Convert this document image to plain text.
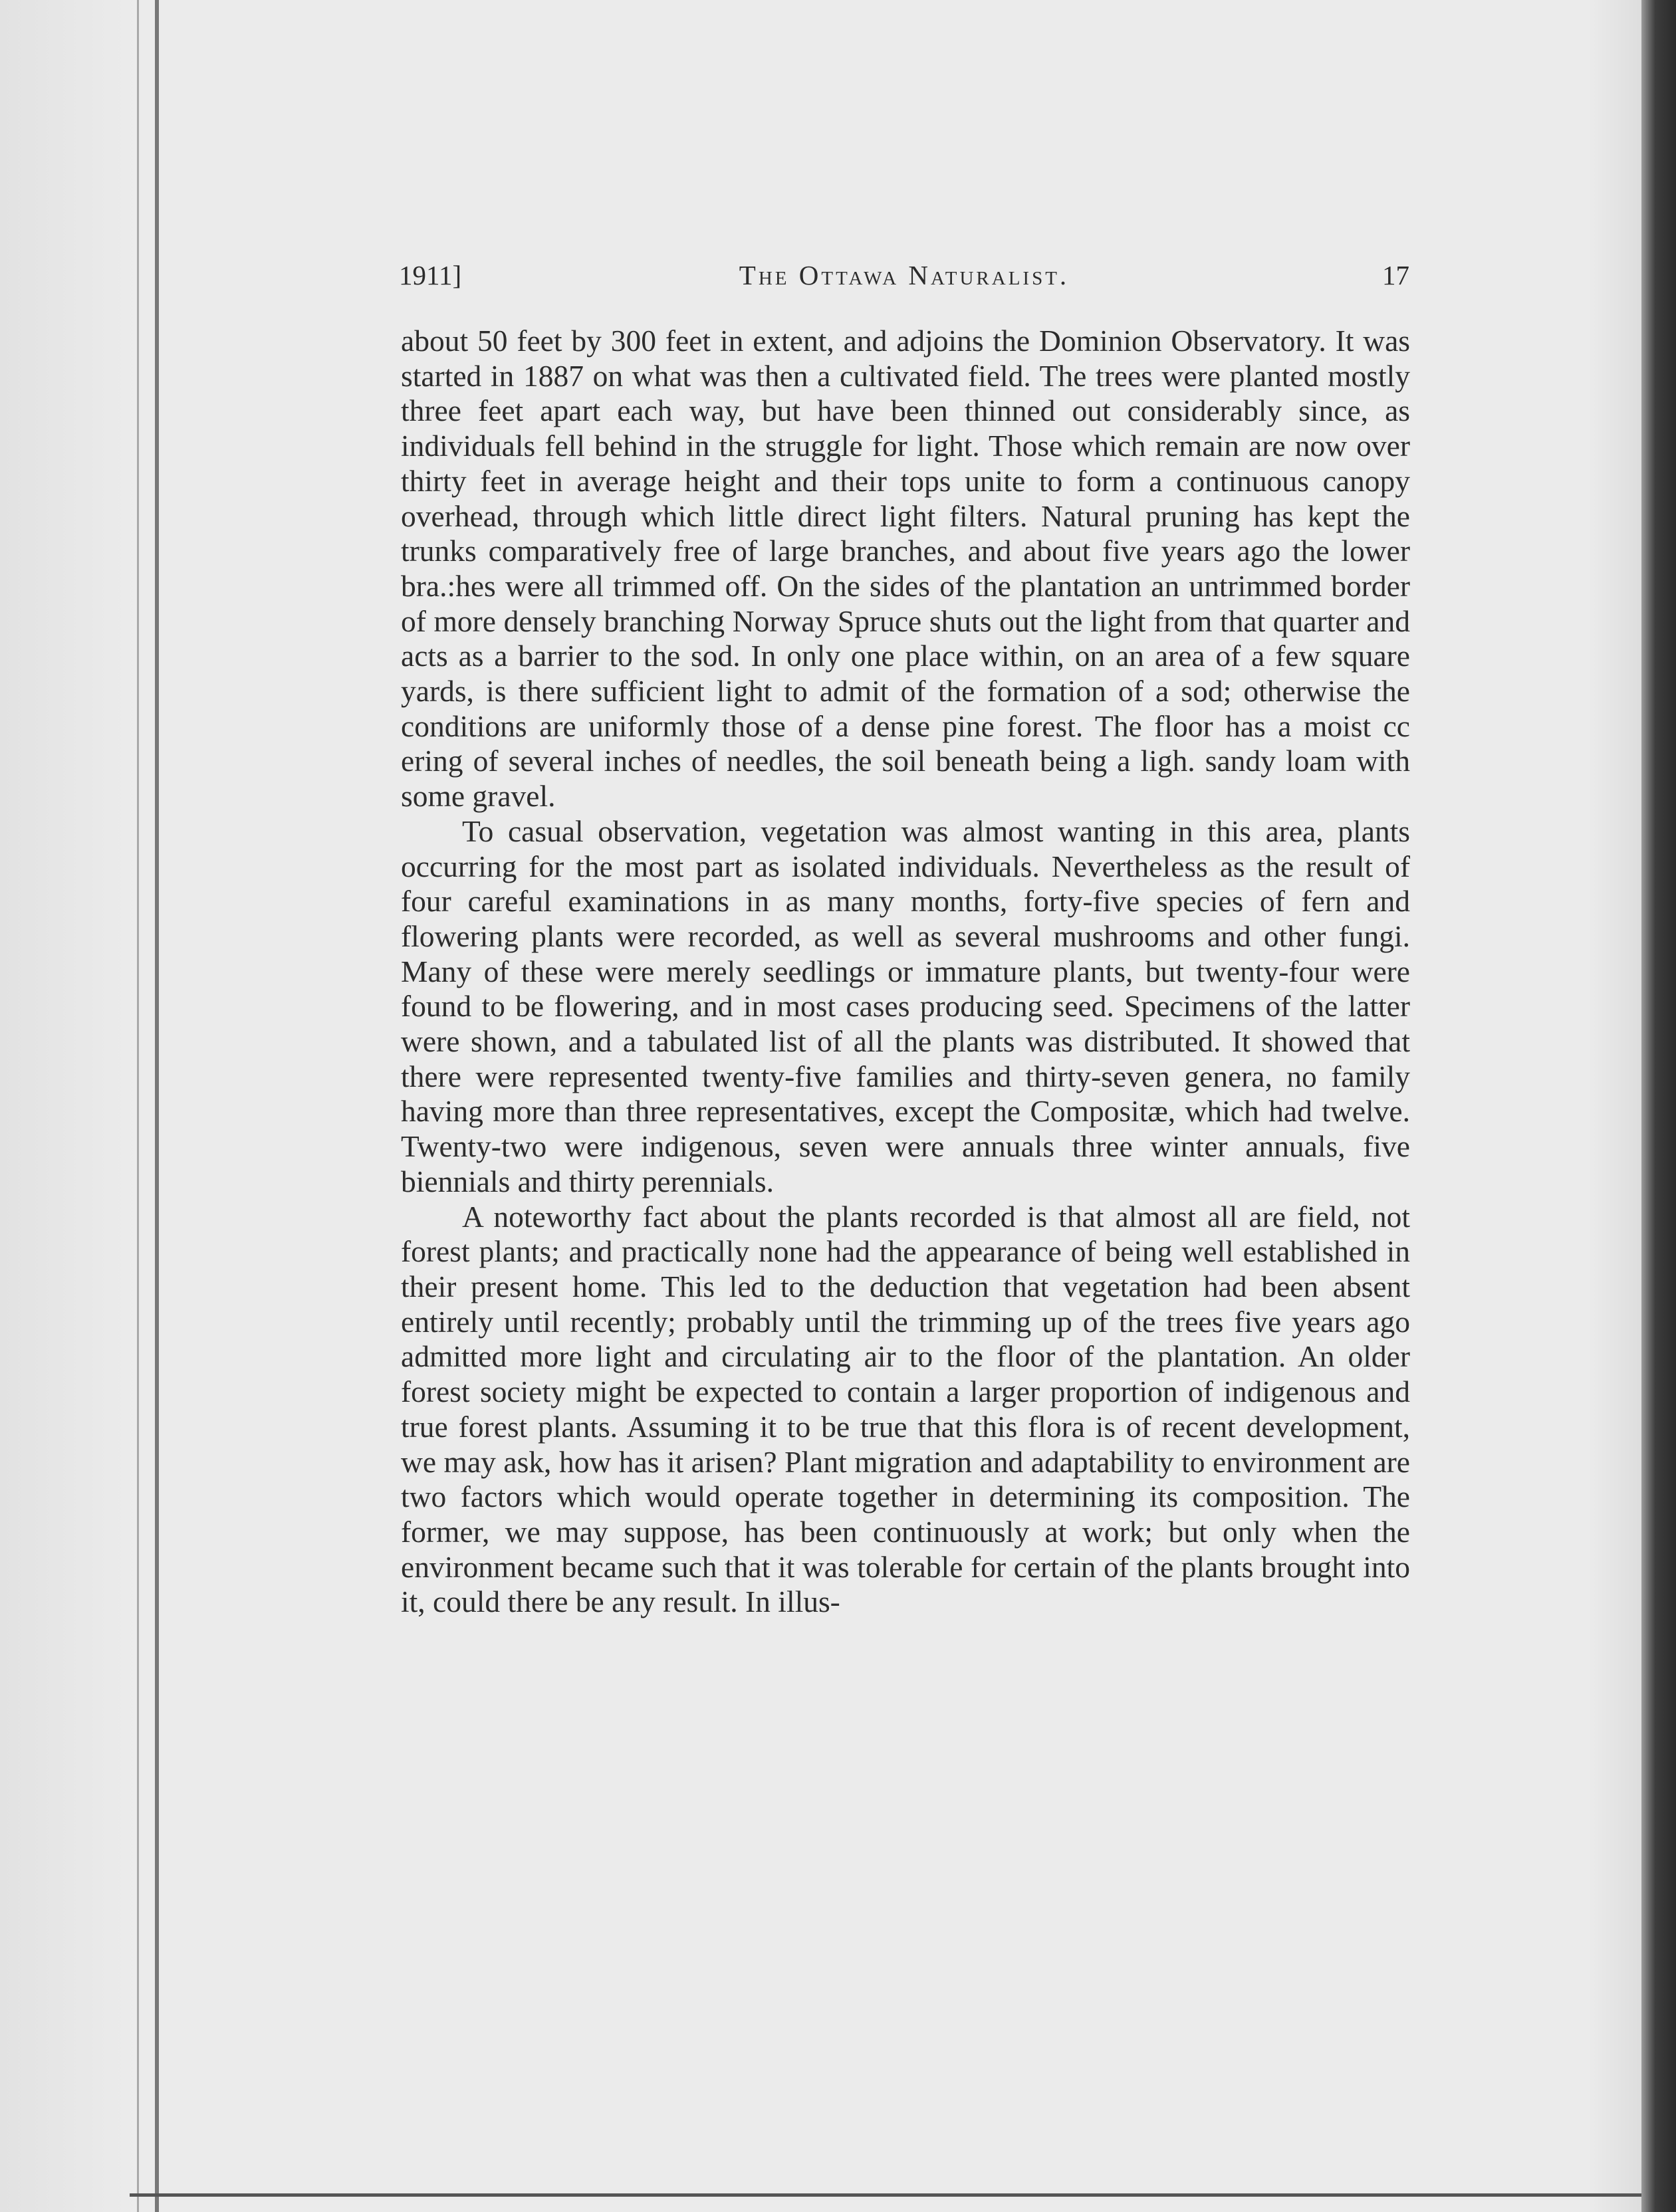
1911]	The Ottawa Naturalist.	17

about 50 feet by 300 feet in extent, and adjoins the Dominion Observatory. It was started in 1887 on what was then a cultivated field. The trees were planted mostly three feet apart each way, but have been thinned out considerably since, as individuals fell behind in the struggle for light. Those which remain are now over thirty feet in average height and their tops unite to form a continuous canopy overhead, through which little direct light filters. Natural pruning has kept the trunks comparatively free of large branches, and about five years ago the lower bra.:hes were all trimmed off. On the sides of the plantation an untrimmed border of more densely branching Norway Spruce shuts out the light from that quarter and acts as a barrier to the sod. In only one place within, on an area of a few square yards, is there sufficient light to admit of the formation of a sod; otherwise the conditions are uniformly those of a dense pine forest. The floor has a moist cc ering of several inches of needles, the soil beneath being a ligh. sandy loam with some gravel.

To casual observation, vegetation was almost wanting in this area, plants occurring for the most part as isolated individuals. Nevertheless as the result of four careful examinations in as many months, forty-five species of fern and flowering plants were recorded, as well as several mushrooms and other fungi. Many of these were merely seedlings or immature plants, but twenty-four were found to be flowering, and in most cases producing seed. Specimens of the latter were shown, and a tabulated list of all the plants was distributed. It showed that there were represented twenty-five families and thirty-seven genera, no family having more than three representatives, except the Compositæ, which had twelve. Twenty-two were indigenous, seven were annuals three winter annuals, five biennials and thirty perennials.

A noteworthy fact about the plants recorded is that almost all are field, not forest plants; and practically none had the appearance of being well established in their present home. This led to the deduction that vegetation had been absent entirely until recently; probably until the trimming up of the trees five years ago admitted more light and circulating air to the floor of the plantation. An older forest society might be expected to contain a larger proportion of indigenous and true forest plants. Assuming it to be true that this flora is of recent development, we may ask, how has it arisen? Plant migration and adaptability to environment are two factors which would operate together in determining its composition. The former, we may suppose, has been continuously at work; but only when the environment became such that it was tolerable for certain of the plants brought into it, could there be any result. In illus-
